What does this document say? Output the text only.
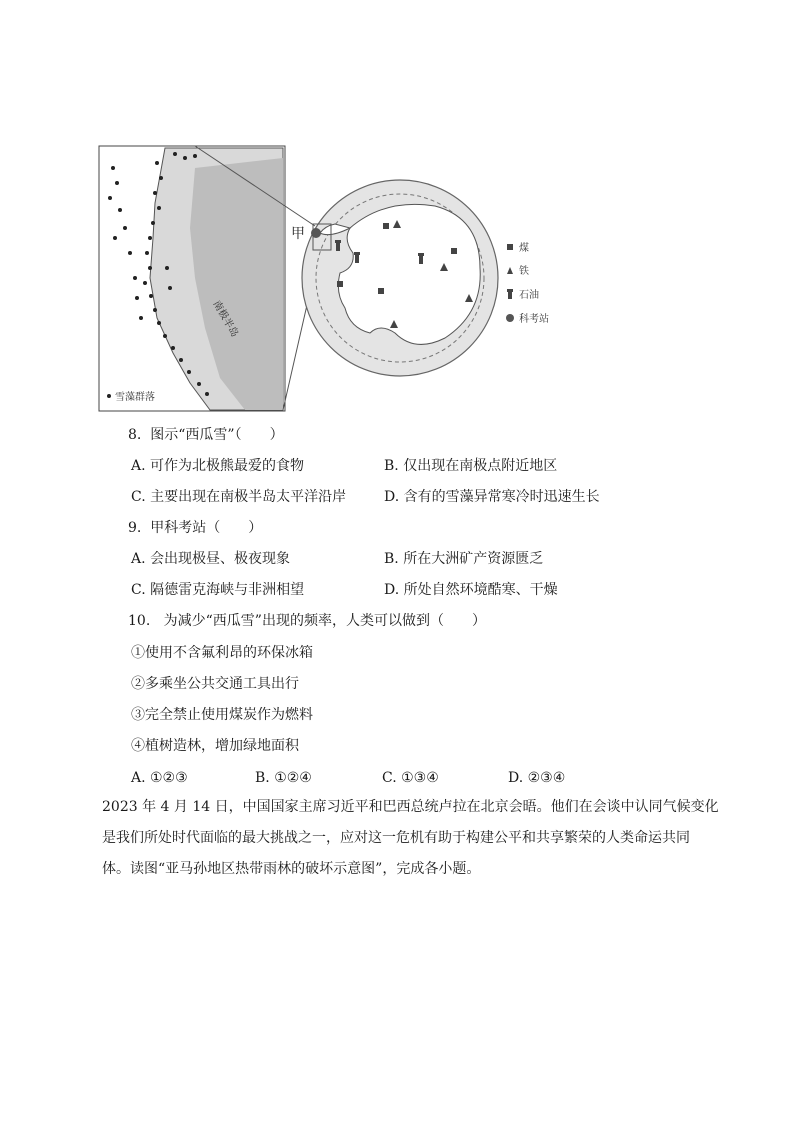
南极半岛
雪藻群落
甲
煤
铁
石油
科考站
8. 图示“西瓜雪”（　　）
A. 可作为北极熊最爱的食物	B. 仅出现在南极点附近地区
C. 主要出现在南极半岛太平洋沿岸	D. 含有的雪藻异常寒冷时迅速生长
9. 甲科考站（　　）
A. 会出现极昼、极夜现象	B. 所在大洲矿产资源匮乏
C. 隔德雷克海峡与非洲相望	D. 所处自然环境酷寒、干燥
10. 为减少“西瓜雪”出现的频率，人类可以做到（　　）
①使用不含氟利昂的环保冰箱
②多乘坐公共交通工具出行
③完全禁止使用煤炭作为燃料
④植树造林，增加绿地面积
A. ①②③	B. ①②④	C. ①③④	D. ②③④
2023 年 4 月 14 日，中国国家主席习近平和巴西总统卢拉在北京会晤。他们在会谈中认同气候变化
是我们所处时代面临的最大挑战之一，应对这一危机有助于构建公平和共享繁荣的人类命运共同
体。读图“亚马孙地区热带雨林的破坏示意图”，完成各小题。
